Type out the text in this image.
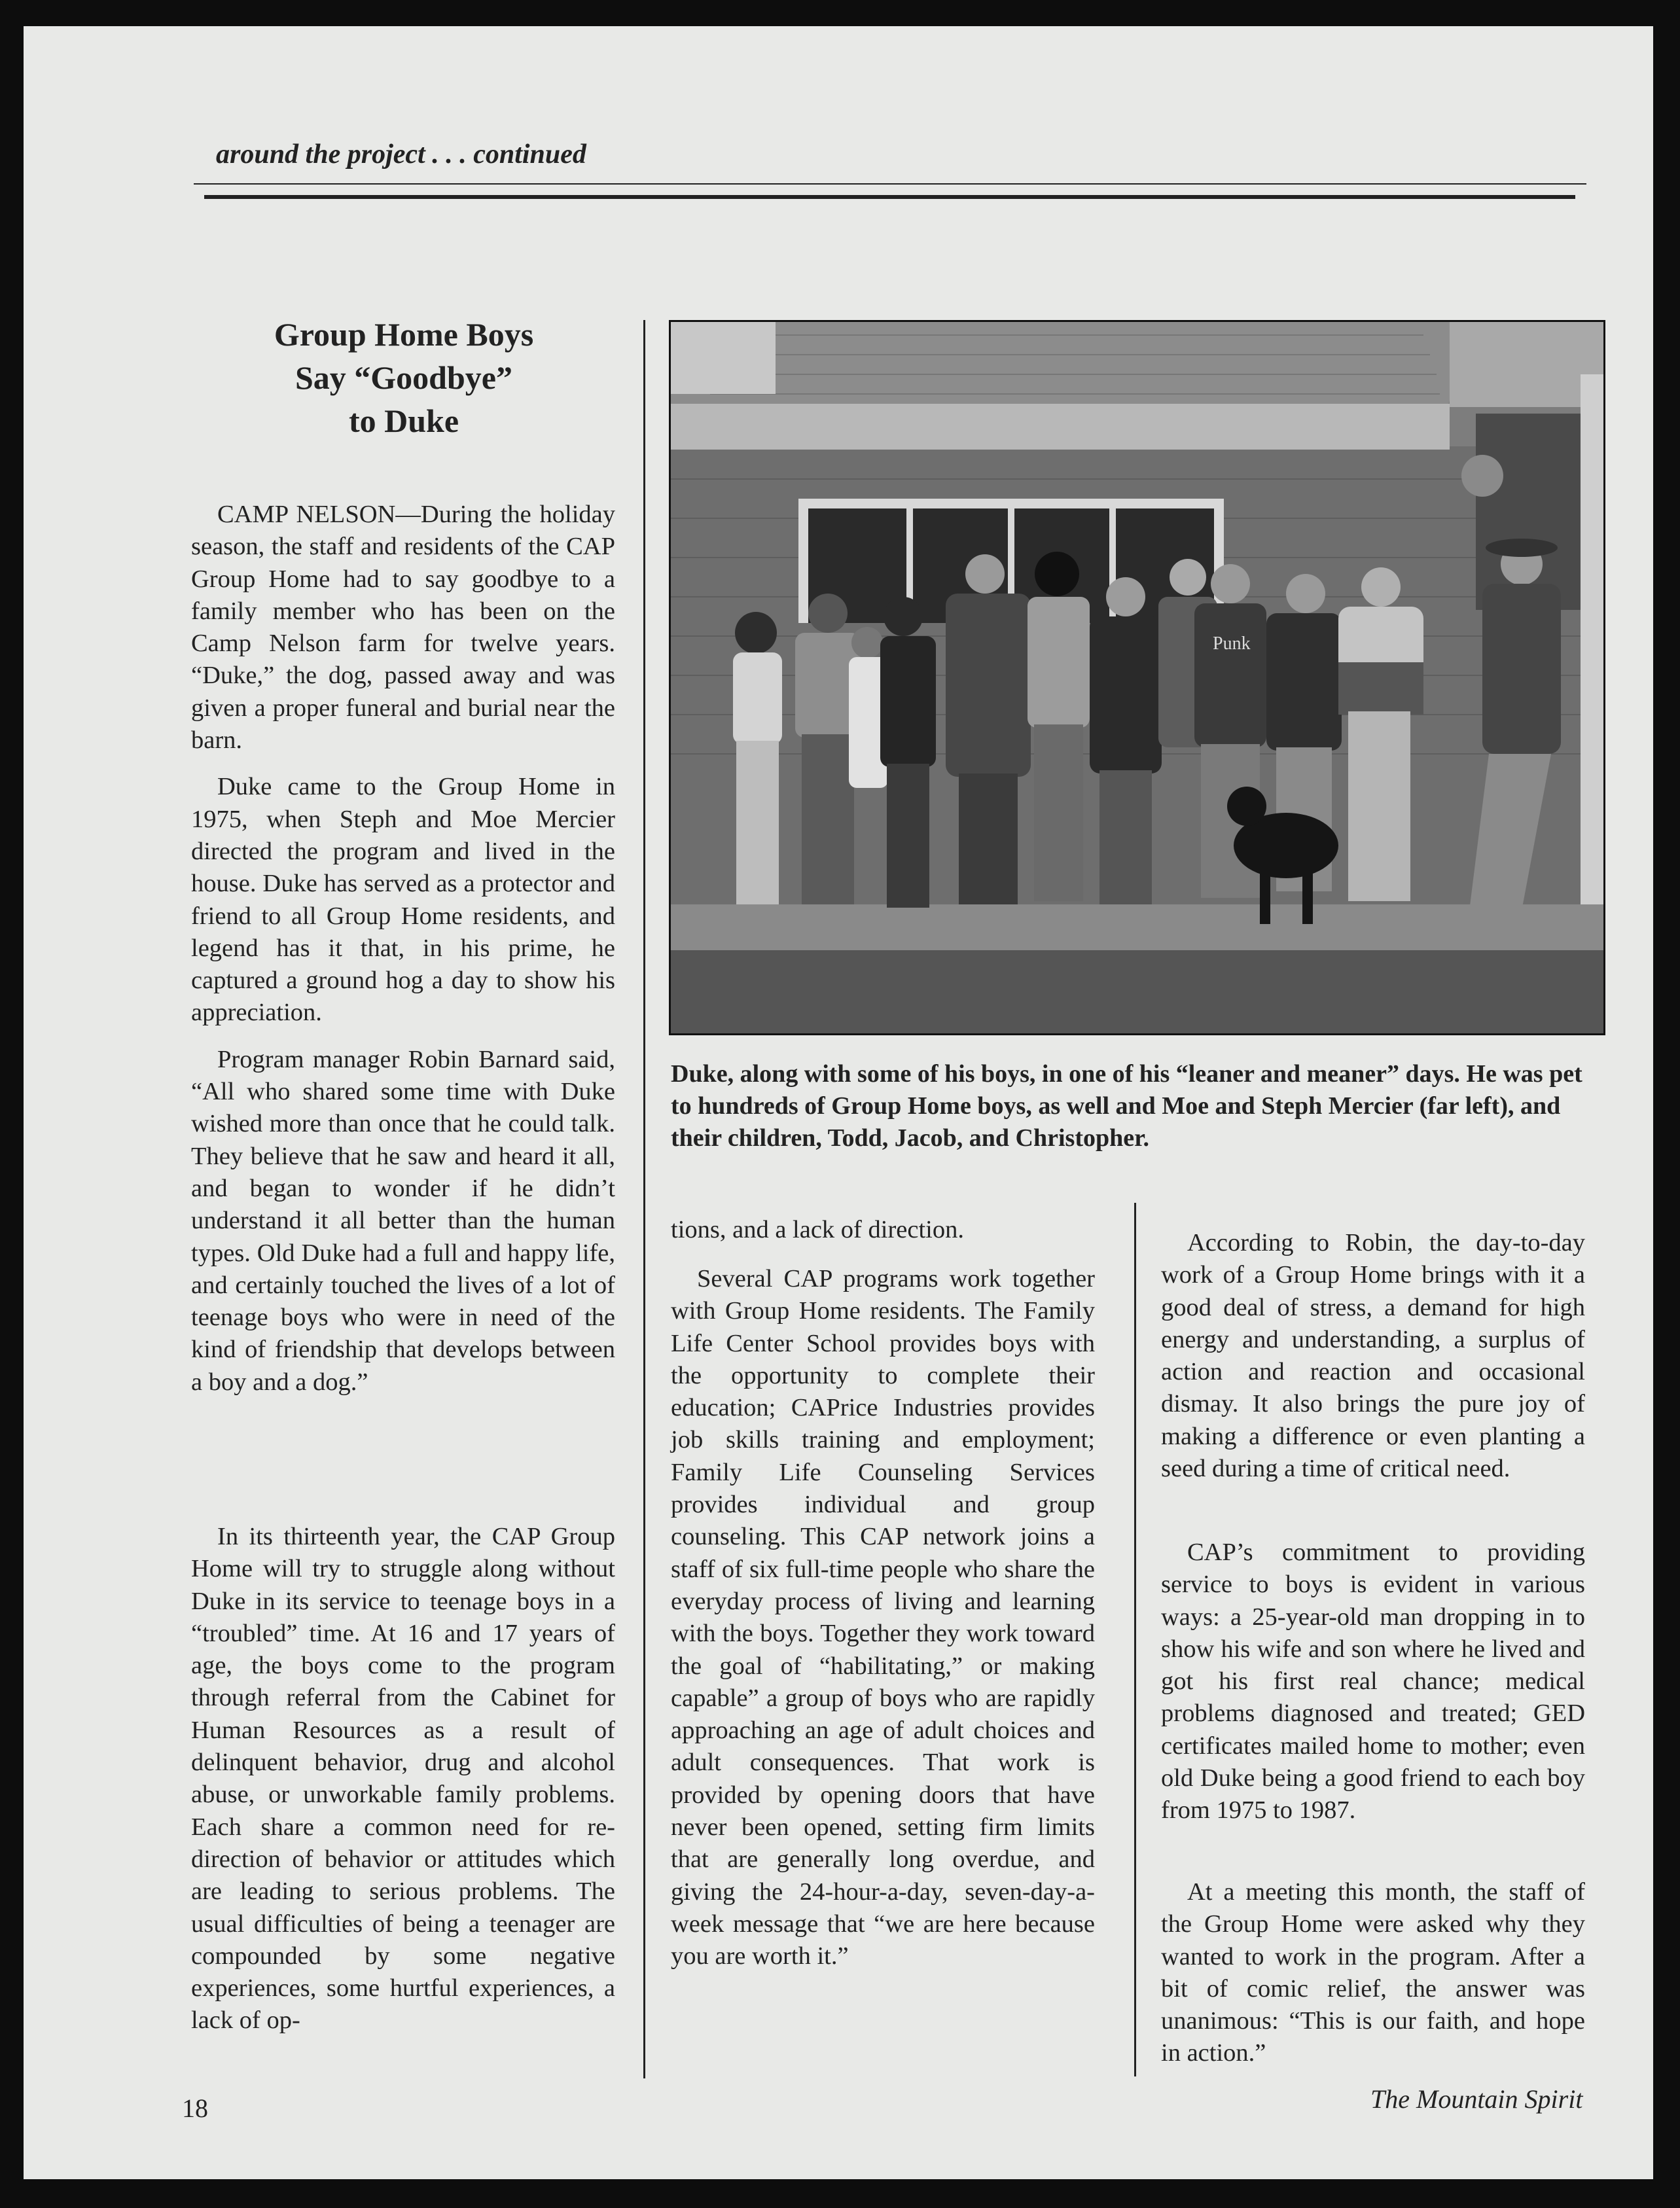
around the project . . . continued
Group Home Boys
Say “Goodbye”
to Duke

CAMP NELSON—During the holiday season, the staff and residents of the CAP Group Home had to say goodbye to a family member who has been on the Camp Nelson farm for twelve years. “Duke,” the dog, passed away and was given a proper funeral and burial near the barn.

Duke came to the Group Home in 1975, when Steph and Moe Mercier directed the program and lived in the house. Duke has served as a protector and friend to all Group Home residents, and legend has it that, in his prime, he captured a ground hog a day to show his appreciation.

Program manager Robin Barnard said, “All who shared some time with Duke wished more than once that he could talk. They believe that he saw and heard it all, and began to wonder if he didn’t understand it all better than the human types. Old Duke had a full and happy life, and certainly touched the lives of a lot of teenage boys who were in need of the kind of friendship that develops between a boy and a dog.”

In its thirteenth year, the CAP Group Home will try to struggle along without Duke in its service to teenage boys in a “troubled” time. At 16 and 17 years of age, the boys come to the program through referral from the Cabinet for Human Resources as a result of delinquent behavior, drug and alcohol abuse, or unworkable family problems. Each share a common need for re-direction of behavior or attitudes which are leading to serious problems. The usual difficulties of being a teenager are compounded by some negative experiences, some hurtful experiences, a lack of op-

Punk
Duke, along with some of his boys, in one of his “leaner and meaner” days. He was pet to hundreds of Group Home boys, as well and Moe and Steph Mercier (far left), and their children, Todd, Jacob, and Christopher.

tions, and a lack of direction.

Several CAP programs work together with Group Home residents. The Family Life Center School provides boys with the opportunity to complete their education; CAPrice Industries provides job skills training and employment; Family Life Counseling Services provides individual and group counseling. This CAP network joins a staff of six full-time people who share the everyday process of living and learning with the boys. Together they work toward the goal of “habilitating,” or making capable” a group of boys who are rapidly approaching an age of adult choices and adult consequences. That work is provided by opening doors that have never been opened, setting firm limits that are generally long overdue, and giving the 24-hour-a-day, seven-day-a-week message that “we are here because you are worth it.”

According to Robin, the day-to-day work of a Group Home brings with it a good deal of stress, a demand for high energy and understanding, a surplus of action and reaction and occasional dismay. It also brings the pure joy of making a difference or even planting a seed during a time of critical need.

CAP’s commitment to providing service to boys is evident in various ways: a 25-year-old man dropping in to show his wife and son where he lived and got his first real chance; medical problems diagnosed and treated; GED certificates mailed home to mother; even old Duke being a good friend to each boy from 1975 to 1987.

At a meeting this month, the staff of the Group Home were asked why they wanted to work in the program. After a bit of comic relief, the answer was unanimous: “This is our faith, and hope in action.”

18	The Mountain Spirit
